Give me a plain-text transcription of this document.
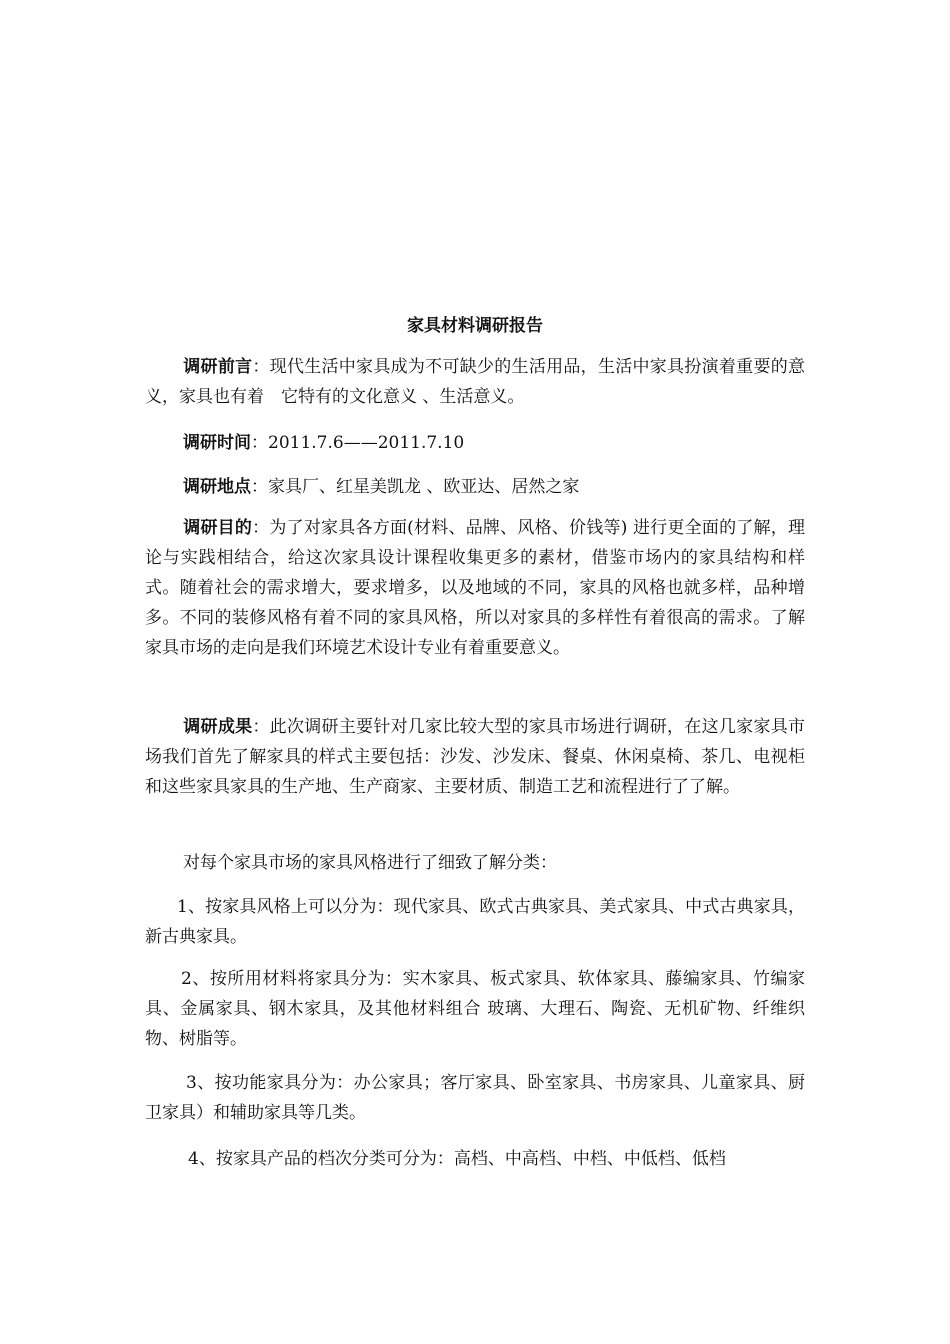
家具材料调研报告

调研前言：现代生活中家具成为不可缺少的生活用品，生活中家具扮演着重要的意义，家具也有着　它特有的文化意义 、生活意义。

调研时间：2011.7.6——2011.7.10

调研地点：家具厂、红星美凯龙 、欧亚达、居然之家

调研目的：为了对家具各方面(材料、品牌、风格、价钱等) 进行更全面的了解，理论与实践相结合，给这次家具设计课程收集更多的素材，借鉴市场内的家具结构和样式。随着社会的需求增大，要求增多，以及地域的不同，家具的风格也就多样，品种增多。不同的装修风格有着不同的家具风格，所以对家具的多样性有着很高的需求。了解家具市场的走向是我们环境艺术设计专业有着重要意义。

调研成果：此次调研主要针对几家比较大型的家具市场进行调研，在这几家家具市场我们首先了解家具的样式主要包括：沙发、沙发床、餐桌、休闲桌椅、茶几、电视柜和这些家具家具的生产地、生产商家、主要材质、制造工艺和流程进行了了解。

对每个家具市场的家具风格进行了细致了解分类：

1、按家具风格上可以分为：现代家具、欧式古典家具、美式家具、中式古典家具，新古典家具。

2、按所用材料将家具分为：实木家具、板式家具、软体家具、藤编家具、竹编家具、金属家具、钢木家具，及其他材料组合 玻璃、大理石、陶瓷、无机矿物、纤维织物、树脂等。

3、按功能家具分为：办公家具；客厅家具、卧室家具、书房家具、儿童家具、厨卫家具）和辅助家具等几类。

4、按家具产品的档次分类可分为：高档、中高档、中档、中低档、低档
